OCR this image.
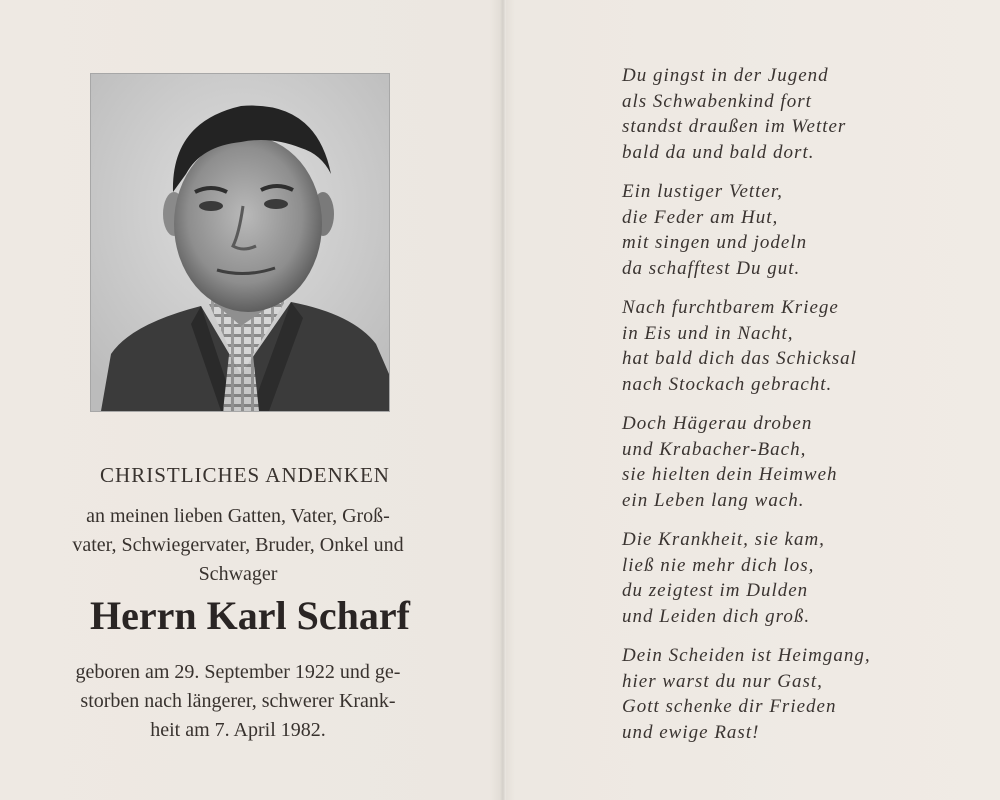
CHRISTLICHES ANDENKEN
an meinen lieben Gatten, Vater, Groß-
vater, Schwiegervater, Bruder, Onkel und
Schwager
Herrn Karl Scharf
geboren am 29. September 1922 und ge-
storben nach längerer, schwerer Krank-
heit am 7. April 1982.
Du gingst in der Jugend
als Schwabenkind fort
standst draußen im Wetter
bald da und bald dort.
Ein lustiger Vetter,
die Feder am Hut,
mit singen und jodeln
da schafftest Du gut.
Nach furchtbarem Kriege
in Eis und in Nacht,
hat bald dich das Schicksal
nach Stockach gebracht.
Doch Hägerau droben
und Krabacher-Bach,
sie hielten dein Heimweh
ein Leben lang wach.
Die Krankheit, sie kam,
ließ nie mehr dich los,
du zeigtest im Dulden
und Leiden dich groß.
Dein Scheiden ist Heimgang,
hier warst du nur Gast,
Gott schenke dir Frieden
und ewige Rast!
